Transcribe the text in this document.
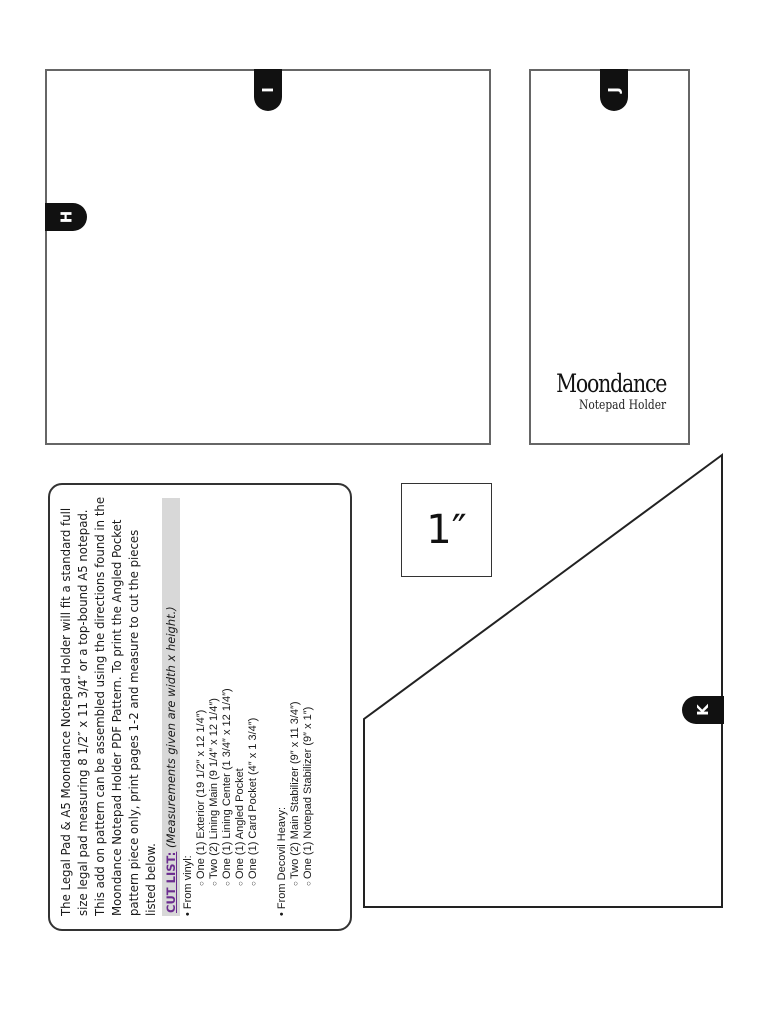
I
H
J
Moondance
Notepad Holder
1″
K
The Legal Pad & A5 Moondance Notepad Holder will fit a standard full size legal pad measuring 8 1/2″ x 11 3/4″ or a top-bound A5 notepad. This add on pattern can be assembled using the directions found in the Moondance Notepad Holder PDF Pattern. To print the Angled Pocket pattern piece only, print pages 1-2 and measure to cut the pieces listed below. CUT LIST: (Measurements given are width x height.)
• From vinyl:
○ One (1) Exterior (19 1/2″ x 12 1/4″) ○ Two (2) Lining Main (9 1/4″ x 12 1/4″) ○ One (1) Lining Center (1 3/4″ x 12 1/4″) ○ One (1) Angled Pocket ○ One (1) Card Pocket (4″ x 1 3/4″) • From Decovil Heavy: ○ Two (2) Main Stabilizer (9″ x 11 3/4″) ○ One (1) Notepad Stabilizer (9″ x 1″)
